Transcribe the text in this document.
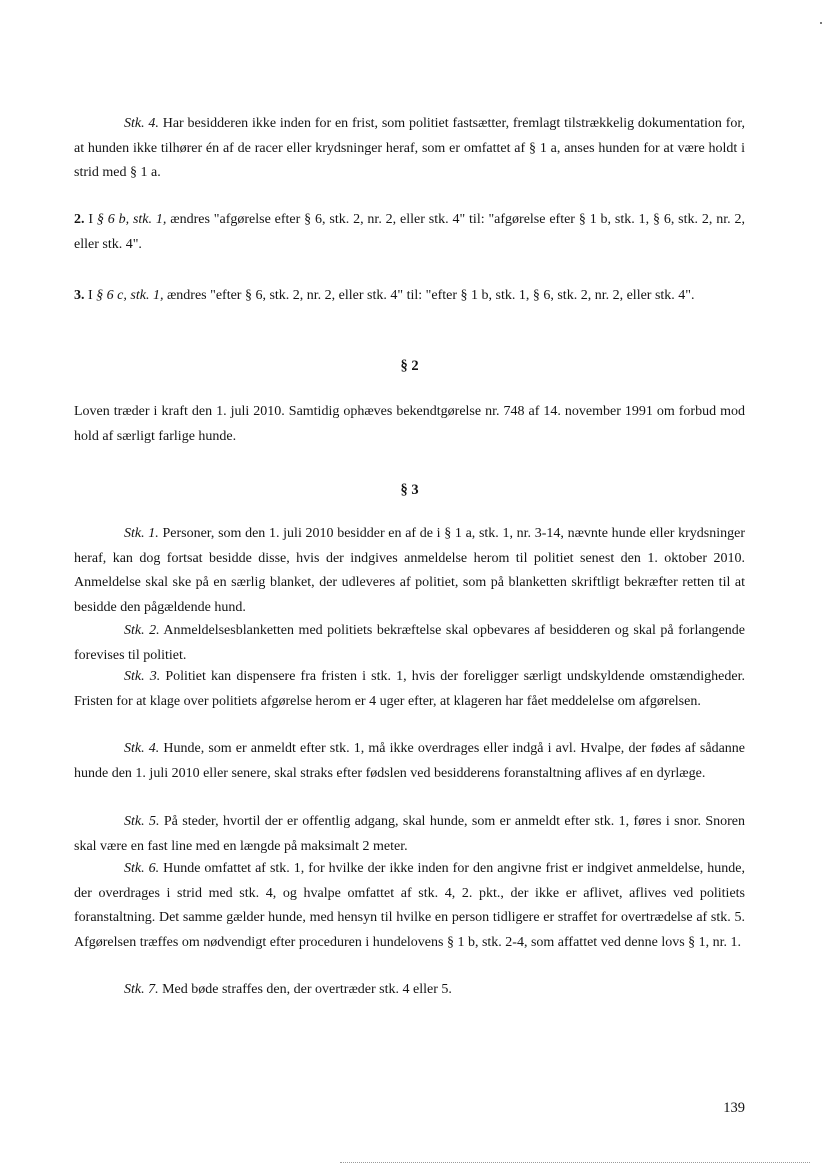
Stk. 4. Har besidderen ikke inden for en frist, som politiet fastsætter, fremlagt tilstrækkelig dokumentation for, at hunden ikke tilhører én af de racer eller krydsninger heraf, som er omfattet af § 1 a, anses hunden for at være holdt i strid med § 1 a.

2. I § 6 b, stk. 1, ændres "afgørelse efter § 6, stk. 2, nr. 2, eller stk. 4" til: "afgørelse efter § 1 b, stk. 1, § 6, stk. 2, nr. 2, eller stk. 4".

3. I § 6 c, stk. 1, ændres "efter § 6, stk. 2, nr. 2, eller stk. 4" til: "efter § 1 b, stk. 1, § 6, stk. 2, nr. 2, eller stk. 4".

§ 2

Loven træder i kraft den 1. juli 2010. Samtidig ophæves bekendtgørelse nr. 748 af 14. november 1991 om forbud mod hold af særligt farlige hunde.

§ 3

Stk. 1. Personer, som den 1. juli 2010 besidder en af de i § 1 a, stk. 1, nr. 3-14, nævnte hunde eller krydsninger heraf, kan dog fortsat besidde disse, hvis der indgives anmeldelse herom til politiet senest den 1. oktober 2010. Anmeldelse skal ske på en særlig blanket, der udleveres af politiet, som på blanketten skriftligt bekræfter retten til at besidde den pågældende hund.

Stk. 2. Anmeldelsesblanketten med politiets bekræftelse skal opbevares af besidderen og skal på forlangende forevises til politiet.

Stk. 3. Politiet kan dispensere fra fristen i stk. 1, hvis der foreligger særligt undskyldende omstændigheder. Fristen for at klage over politiets afgørelse herom er 4 uger efter, at klageren har fået meddelelse om afgørelsen.

Stk. 4. Hunde, som er anmeldt efter stk. 1, må ikke overdrages eller indgå i avl. Hvalpe, der fødes af sådanne hunde den 1. juli 2010 eller senere, skal straks efter fødslen ved besidderens foranstaltning aflives af en dyrlæge.

Stk. 5. På steder, hvortil der er offentlig adgang, skal hunde, som er anmeldt efter stk. 1, føres i snor. Snoren skal være en fast line med en længde på maksimalt 2 meter.

Stk. 6. Hunde omfattet af stk. 1, for hvilke der ikke inden for den angivne frist er indgivet anmeldelse, hunde, der overdrages i strid med stk. 4, og hvalpe omfattet af stk. 4, 2. pkt., der ikke er aflivet, aflives ved politiets foranstaltning. Det samme gælder hunde, med hensyn til hvilke en person tidligere er straffet for overtrædelse af stk. 5. Afgørelsen træffes om nødvendigt efter proceduren i hundelovens § 1 b, stk. 2-4, som affattet ved denne lovs § 1, nr. 1.

Stk. 7. Med bøde straffes den, der overtræder stk. 4 eller 5.

139
